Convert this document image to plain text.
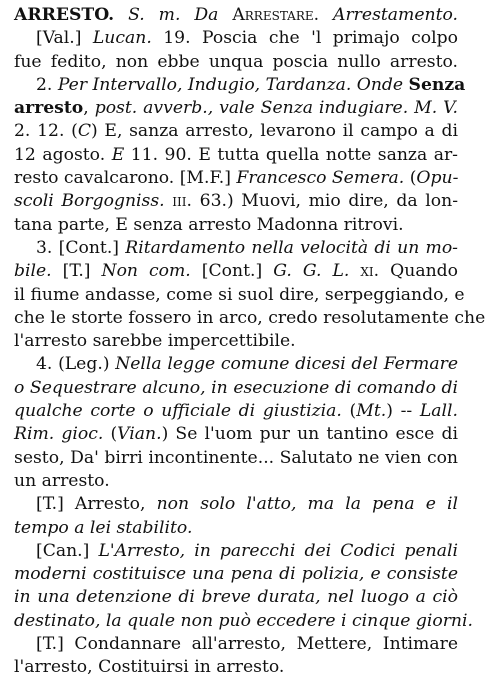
ARRESTO. S. m. Da Arrestare. Arrestamento.
[Val.] Lucan. 19. Poscia che 'l primajo colpo
fue fedito, non ebbe unqua poscia nullo arresto.
2. Per Intervallo, Indugio, Tardanza. Onde Senza
arresto, post. avverb., vale Senza indugiare. M. V.
2. 12. (C) E, sanza arresto, levarono il campo a di
12 agosto. E 11. 90. E tutta quella notte sanza ar-
resto cavalcarono. [M.F.] Francesco Semera. (Opu-
scoli Borgogniss. iii. 63.) Muovi, mio dire, da lon-
tana parte, E senza arresto Madonna ritrovi.
3. [Cont.] Ritardamento nella velocità di un mo-
bile. [T.] Non com. [Cont.] G. G. L. xi. Quando
il fiume andasse, come si suol dire, serpeggiando, e
che le storte fossero in arco, credo resolutamente che
l'arresto sarebbe impercettibile.
4. (Leg.) Nella legge comune dicesi del Fermare
o Sequestrare alcuno, in esecuzione di comando di
qualche corte o ufficiale di giustizia. (Mt.) -- Lall.
Rim. gioc. (Vian.) Se l'uom pur un tantino esce di
sesto, Da' birri incontinente... Salutato ne vien con
un arresto.
[T.] Arresto, non solo l'atto, ma la pena e il
tempo a lei stabilito.
[Can.] L'Arresto, in parecchi dei Codici penali
moderni costituisce una pena di polizia, e consiste
in una detenzione di breve durata, nel luogo a ciò
destinato, la quale non può eccedere i cinque giorni.
[T.] Condannare all'arresto, Mettere, Intimare
l'arresto, Costituirsi in arresto.
